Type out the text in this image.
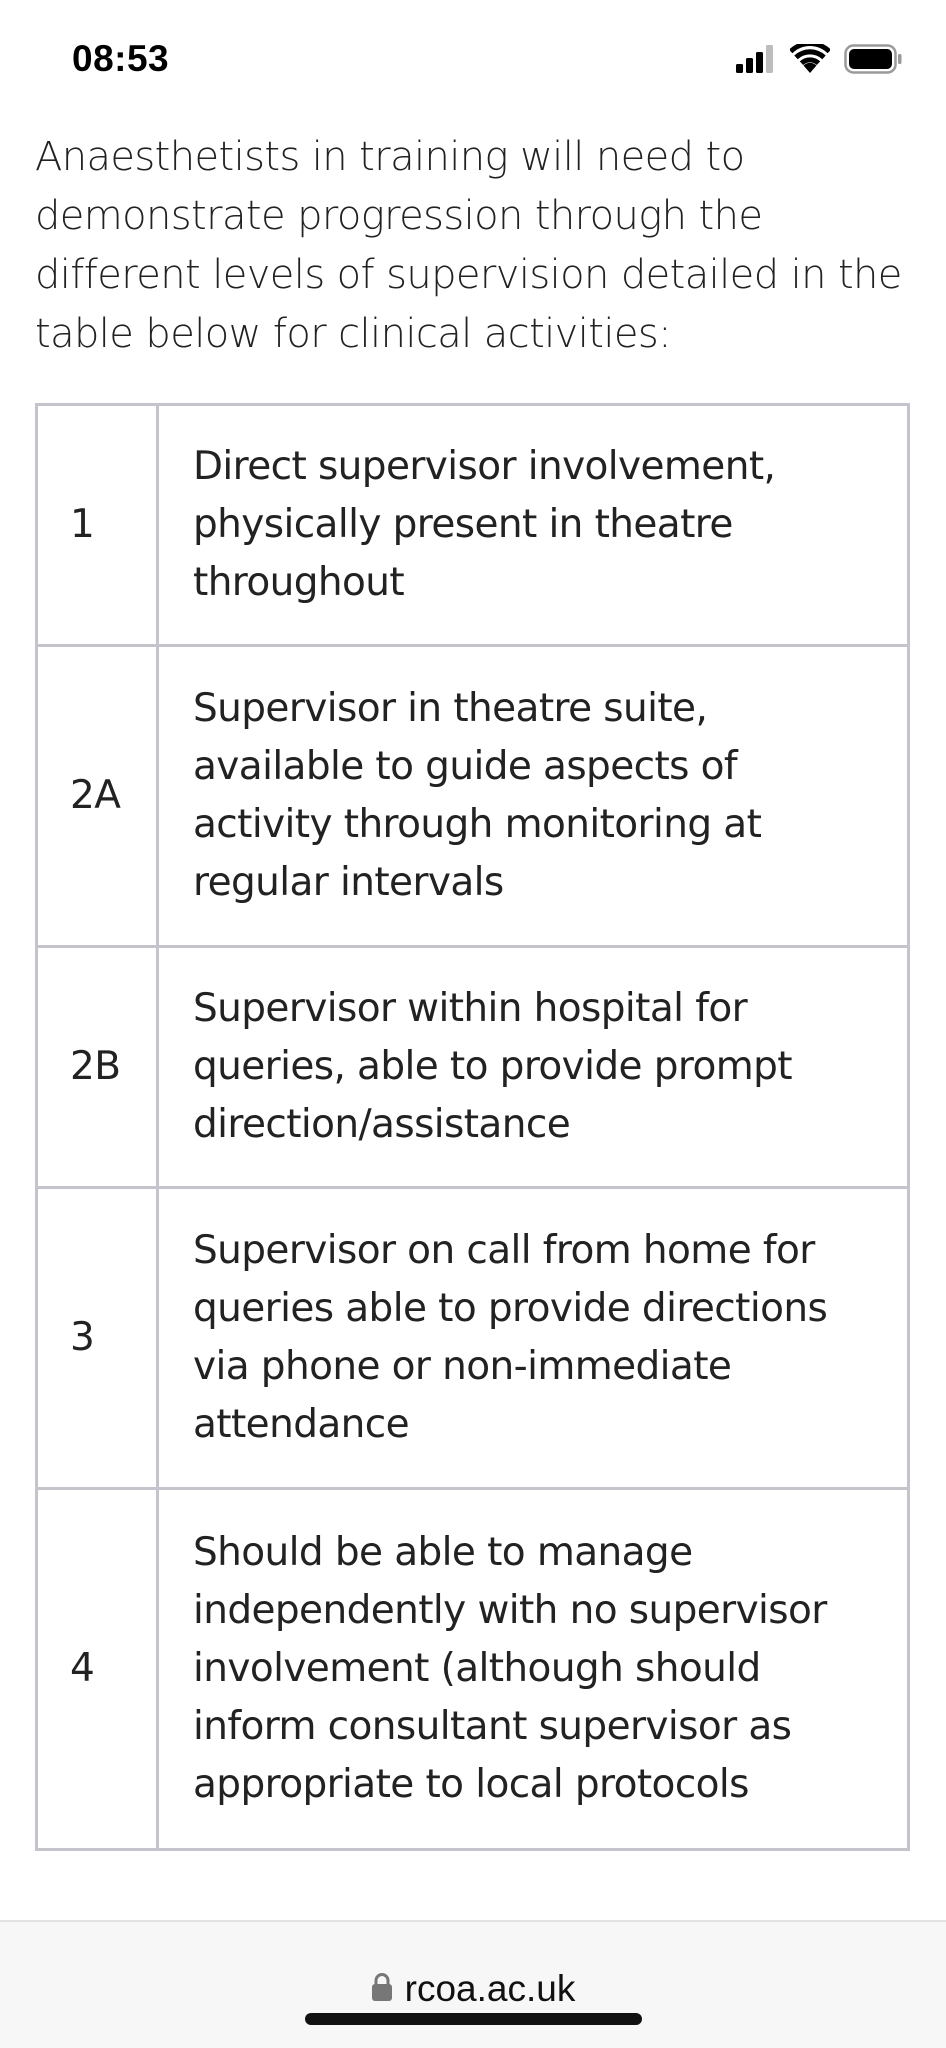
08:53

Anaesthetists in training will need to demonstrate progression through the different levels of supervision detailed in the table below for clinical activities:

1	Direct supervisor involvement, physically present in theatre throughout
2A	Supervisor in theatre suite, available to guide aspects of activity through monitoring at regular intervals
2B	Supervisor within hospital for queries, able to provide prompt direction/assistance
3	Supervisor on call from home for queries able to provide directions via phone or non-immediate attendance
4	Should be able to manage independently with no supervisor involvement (although should inform consultant supervisor as appropriate to local protocols
rcoa.ac.uk
